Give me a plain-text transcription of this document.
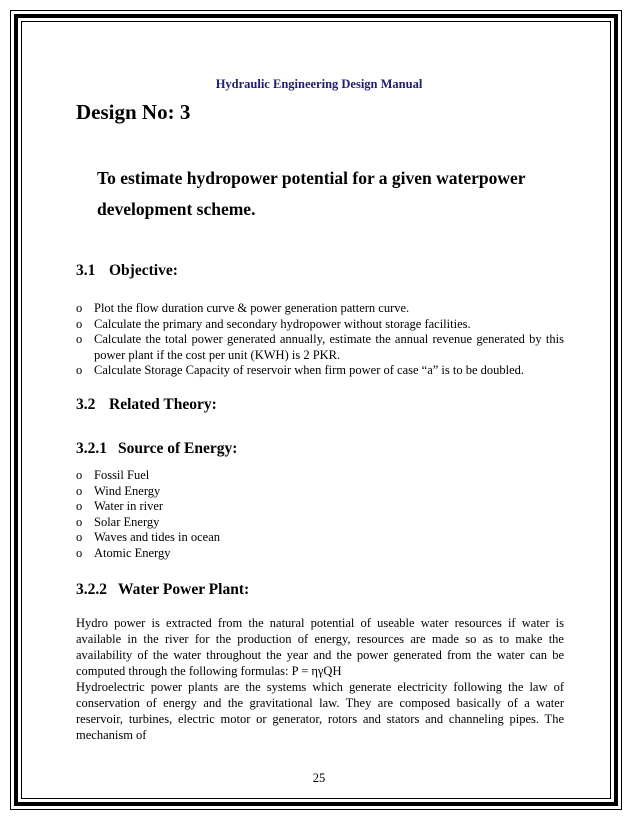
Hydraulic Engineering Design Manual
Design No: 3

To estimate hydropower potential for a given waterpower development scheme.

3.1 Objective:
o Plot the flow duration curve & power generation pattern curve.
o Calculate the primary and secondary hydropower without storage facilities.
o Calculate the total power generated annually, estimate the annual revenue generated by this power plant if the cost per unit (KWH) is 2 PKR.
o Calculate Storage Capacity of reservoir when firm power of case “a” is to be doubled.
3.2 Related Theory:
3.2.1 Source of Energy:
o Fossil Fuel
o Wind Energy
o Water in river
o Solar Energy
o Waves and tides in ocean
o Atomic Energy
3.2.2 Water Power Plant:

Hydro power is extracted from the natural potential of useable water resources if water is available in the river for the production of energy, resources are made so as to make the availability of the water throughout the year and the power generated from the water can be computed through the following formulas: P = ηγQH

Hydroelectric power plants are the systems which generate electricity following the law of conservation of energy and the gravitational law. They are composed basically of a water reservoir, turbines, electric motor or generator, rotors and stators and channeling pipes. The mechanism of

25
